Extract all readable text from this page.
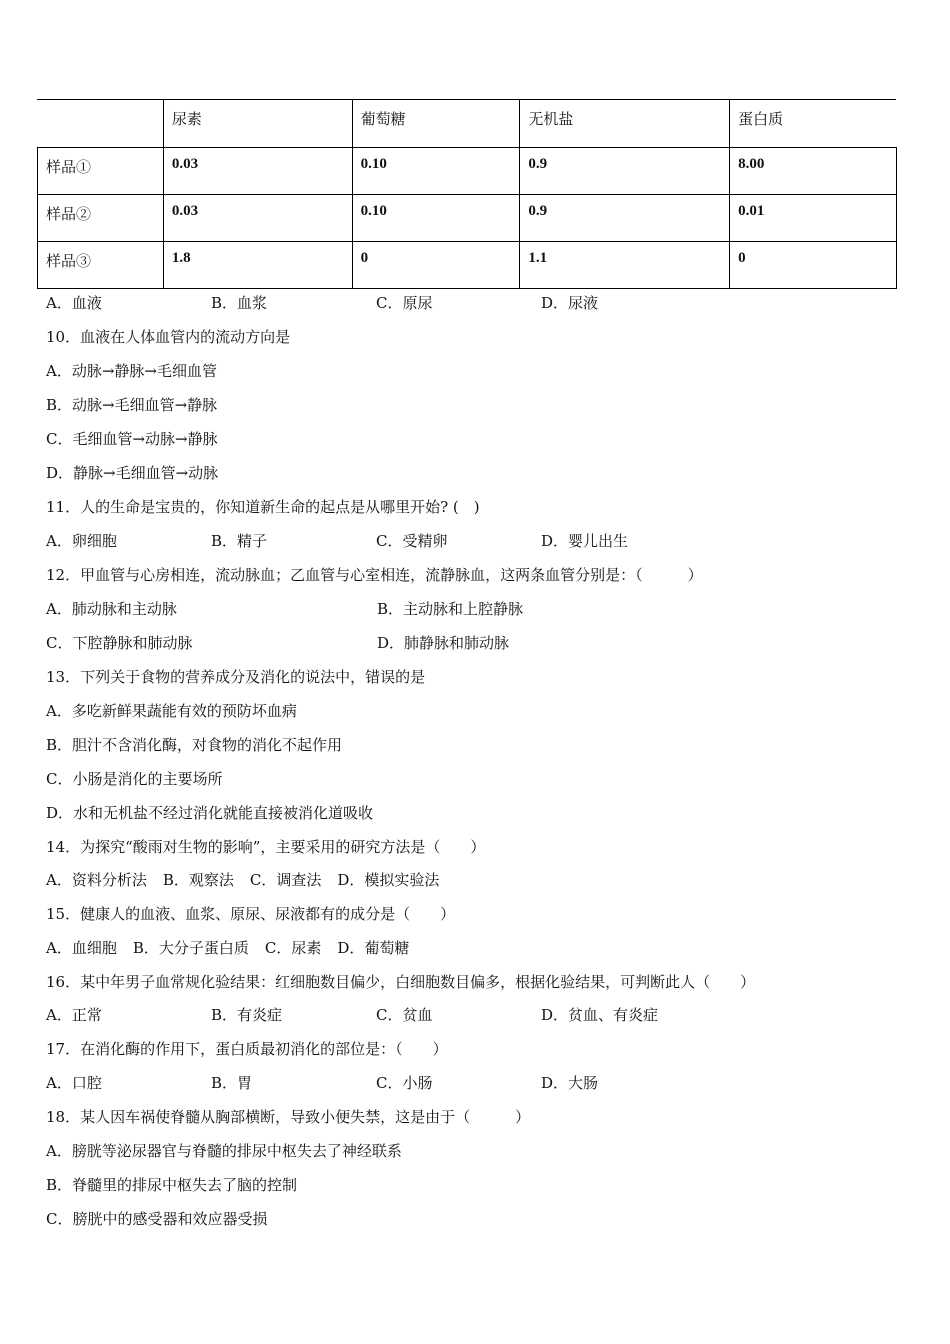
	尿素	葡萄糖	无机盐	蛋白质
样品①	0.03	0.10	0.9	8.00
样品②	0.03	0.10	0.9	0.01
样品③	1.8	0	1.1	0
A．血液	B．血浆	C．原尿	D．尿液
10．血液在人体血管内的流动方向是
A．动脉→静脉→毛细血管
B．动脉→毛细血管→静脉
C．毛细血管→动脉→静脉
D．静脉→毛细血管→动脉
11．人的生命是宝贵的，你知道新生命的起点是从哪里开始? (　)
A．卵细胞	B．精子	C．受精卵	D．婴儿出生
12．甲血管与心房相连，流动脉血；乙血管与心室相连，流静脉血，这两条血管分别是：（　　　）
A．肺动脉和主动脉	B．主动脉和上腔静脉
C．下腔静脉和肺动脉	D．肺静脉和肺动脉
13．下列关于食物的营养成分及消化的说法中，错误的是
A．多吃新鲜果蔬能有效的预防坏血病
B．胆汁不含消化酶，对食物的消化不起作用
C．小肠是消化的主要场所
D．水和无机盐不经过消化就能直接被消化道吸收
14．为探究“酸雨对生物的影响”，主要采用的研究方法是（　　）
A．资料分析法 B．观察法 C．调查法 D．模拟实验法
15．健康人的血液、血浆、原尿、尿液都有的成分是（　　）
A．血细胞 B．大分子蛋白质 C．尿素 D．葡萄糖
16．某中年男子血常规化验结果：红细胞数目偏少，白细胞数目偏多，根据化验结果，可判断此人（　　）
A．正常	B．有炎症	C．贫血	D．贫血、有炎症
17．在消化酶的作用下，蛋白质最初消化的部位是：（　　）
A．口腔	B．胃	C．小肠	D．大肠
18．某人因车祸使脊髓从胸部横断，导致小便失禁，这是由于（　　　）
A．膀胱等泌尿器官与脊髓的排尿中枢失去了神经联系
B．脊髓里的排尿中枢失去了脑的控制
C．膀胱中的感受器和效应器受损
